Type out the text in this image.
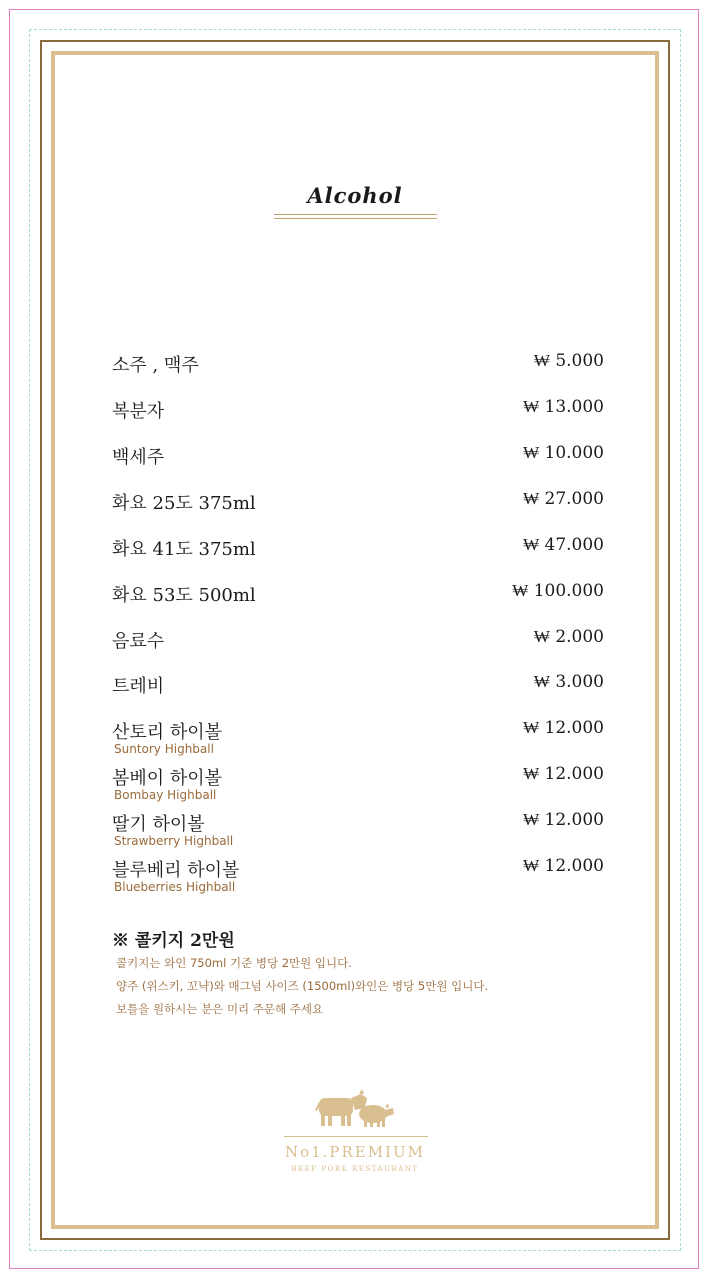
Alcohol
소주 , 맥주	₩ 5.000
복분자	₩ 13.000
백세주	₩ 10.000
화요 25도 375ml	₩ 27.000
화요 41도 375ml	₩ 47.000
화요 53도 500ml	₩ 100.000
음료수	₩ 2.000
트레비	₩ 3.000
산토리 하이볼	₩ 12.000
Suntory Highball
봄베이 하이볼	₩ 12.000
Bombay Highball
딸기 하이볼	₩ 12.000
Strawberry Highball
블루베리 하이볼	₩ 12.000
Blueberries Highball
※ 콜키지 2만원
콜키지는 와인 750ml 기준 병당 2만원 입니다.
양주 (위스키, 꼬냑)와 매그넘 사이즈 (1500ml)와인은 병당 5만원 입니다.
보틀을 원하시는 분은 미리 주문해 주세요
No1.PREMIUM
BEEF PORK RESTAURANT
